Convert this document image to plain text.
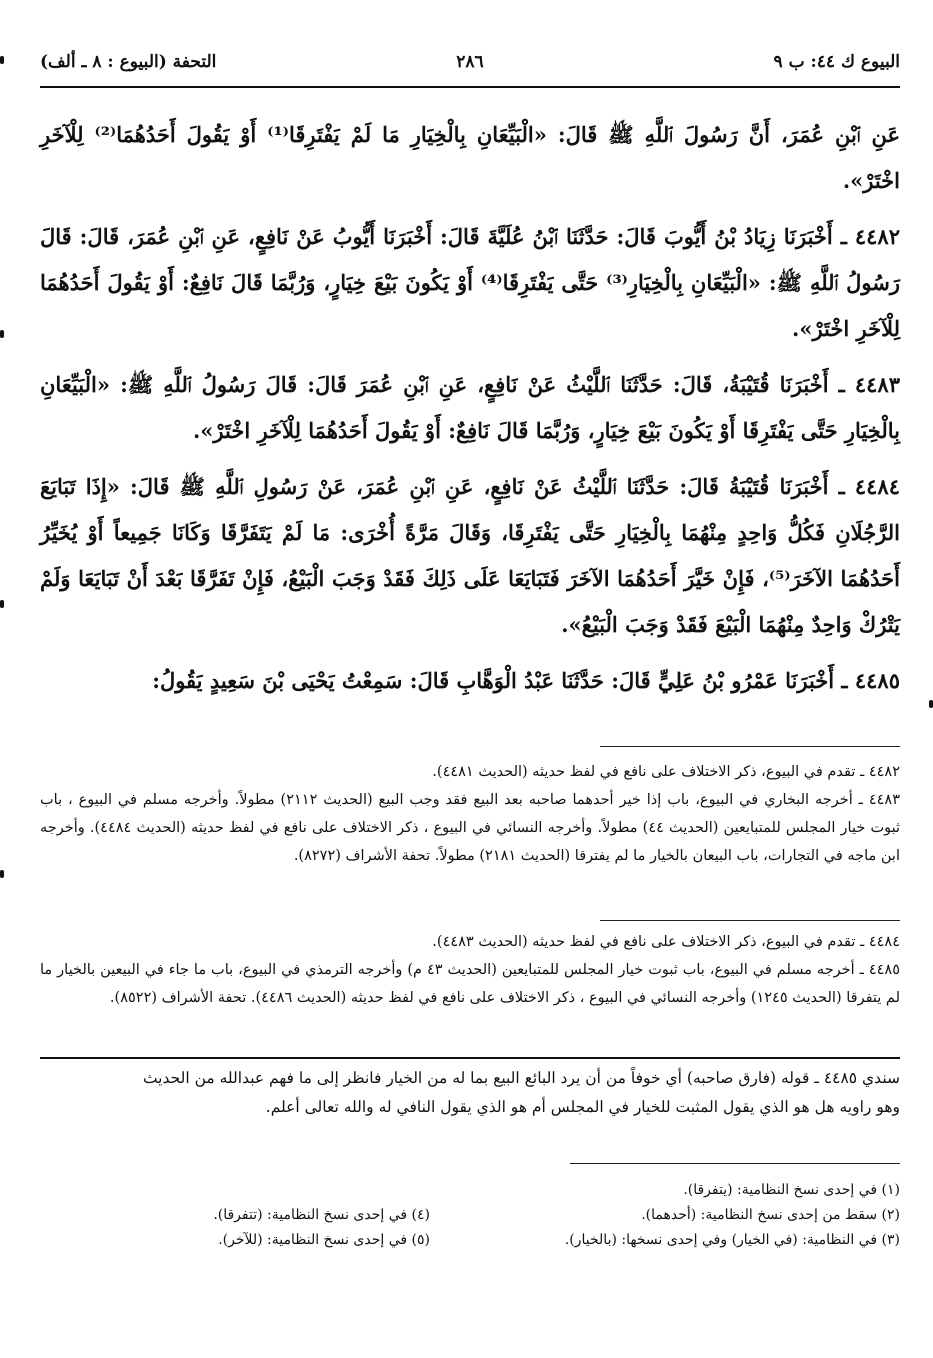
البيوع ك ٤٤: ب ٩
٢٨٦
التحفة (البيوع : ٨ ـ ألف)

عَنِ ٱبْنِ عُمَرَ، أَنَّ رَسُولَ ٱللَّهِ ﷺ قَالَ: «الْبَيِّعَانِ بِالْخِيَارِ مَا لَمْ يَفْتَرِقَا⁽¹⁾ أَوْ يَقُولَ أَحَدُهُمَا⁽²⁾ لِلْآخَرِ اخْتَرْ».

٤٤٨٢ ـ أَخْبَرَنَا زِيَادُ بْنُ أَيُّوبَ قَالَ: حَدَّثَنَا ٱبْنُ عُلَيَّةَ قَالَ: أَخْبَرَنَا أَيُّوبُ عَنْ نَافِعٍ، عَنِ ٱبْنِ عُمَرَ، قَالَ: قَالَ رَسُولُ ٱللَّهِ ﷺ: «الْبَيِّعَانِ بِالْخِيَارِ⁽³⁾ حَتَّى يَفْتَرِقَا⁽⁴⁾ أَوْ يَكُونَ بَيْعَ خِيَارٍ، وَرُبَّمَا قَالَ نَافِعٌ: أَوْ يَقُولَ أَحَدُهُمَا لِلْآخَرِ اخْتَرْ».

٤٤٨٣ ـ أَخْبَرَنَا قُتَيْبَةُ، قَالَ: حَدَّثَنَا ٱللَّيْثُ عَنْ نَافِعٍ، عَنِ ٱبْنِ عُمَرَ قَالَ: قَالَ رَسُولُ ٱللَّهِ ﷺ: «الْبَيِّعَانِ بِالْخِيَارِ حَتَّى يَفْتَرِقَا أَوْ يَكُونَ بَيْعَ خِيَارٍ، وَرُبَّمَا قَالَ نَافِعٌ: أَوْ يَقُولَ أَحَدُهُمَا لِلْآخَرِ اخْتَرْ».

٤٤٨٤ ـ أَخْبَرَنَا قُتَيْبَةُ قَالَ: حَدَّثَنَا ٱللَّيْثُ عَنْ نَافِعٍ، عَنِ ٱبْنِ عُمَرَ، عَنْ رَسُولِ ٱللَّهِ ﷺ قَالَ: «إِذَا تَبَايَعَ الرَّجُلَانِ فَكُلُّ وَاحِدٍ مِنْهُمَا بِالْخِيَارِ حَتَّى يَفْتَرِقَا، وَقَالَ مَرَّةً أُخْرَى: مَا لَمْ يَتَفَرَّقَا وَكَانَا جَمِيعاً أَوْ يُخَيِّرُ أَحَدُهُمَا الآخَرَ⁽⁵⁾، فَإِنْ خَيَّرَ أَحَدُهُمَا الآخَرَ فَتَبَايَعَا عَلَى ذَلِكَ فَقَدْ وَجَبَ الْبَيْعُ، فَإِنْ تَفَرَّقَا بَعْدَ أَنْ تَبَايَعَا وَلَمْ يَتْرُكْ وَاحِدٌ مِنْهُمَا الْبَيْعَ فَقَدْ وَجَبَ الْبَيْعُ».

٤٤٨٥ ـ أَخْبَرَنَا عَمْرُو بْنُ عَلِيٍّ قَالَ: حَدَّثَنَا عَبْدُ الْوَهَّابِ قَالَ: سَمِعْتُ يَحْيَى بْنَ سَعِيدٍ يَقُولُ:

٤٤٨٢ ـ تقدم في البيوع، ذكر الاختلاف على نافع في لفظ حديثه (الحديث ٤٤٨١).

٤٤٨٣ ـ أخرجه البخاري في البيوع، باب إذا خير أحدهما صاحبه بعد البيع فقد وجب البيع (الحديث ٢١١٢) مطولاً. وأخرجه مسلم في البيوع ، باب ثبوت خيار المجلس للمتبايعين (الحديث ٤٤) مطولاً. وأخرجه النسائي في البيوع ، ذكر الاختلاف على نافع في لفظ حديثه (الحديث ٤٤٨٤). وأخرجه ابن ماجه في التجارات، باب البيعان بالخيار ما لم يفترقا (الحديث ٢١٨١) مطولاً. تحفة الأشراف (٨٢٧٢).

٤٤٨٤ ـ تقدم في البيوع، ذكر الاختلاف على نافع في لفظ حديثه (الحديث ٤٤٨٣).

٤٤٨٥ ـ أخرجه مسلم في البيوع، باب ثبوت خيار المجلس للمتبايعين (الحديث ٤٣ م) وأخرجه الترمذي في البيوع، باب ما جاء في البيعين بالخيار ما لم يتفرقا (الحديث ١٢٤٥) وأخرجه النسائي في البيوع ، ذكر الاختلاف على نافع في لفظ حديثه (الحديث ٤٤٨٦). تحفة الأشراف (٨٥٢٢).

سندي ٤٤٨٥ ـ قوله (فارق صاحبه) أي خوفاً من أن يرد البائع البيع بما له من الخيار فانظر إلى ما فهم عبدالله من الحديث

وهو راويه هل هو الذي يقول المثبت للخيار في المجلس أم هو الذي يقول النافي له والله تعالى أعلم.

(١) في إحدى نسخ النظامية: (يتفرقا).
(٢) سقط من إحدى نسخ النظامية: (أحدهما).
(٣) في النظامية: (في الخيار) وفي إحدى نسخها: (بالخيار).
(٤) في إحدى نسخ النظامية: (تتفرقا).
(٥) في إحدى نسخ النظامية: (للآخر).
